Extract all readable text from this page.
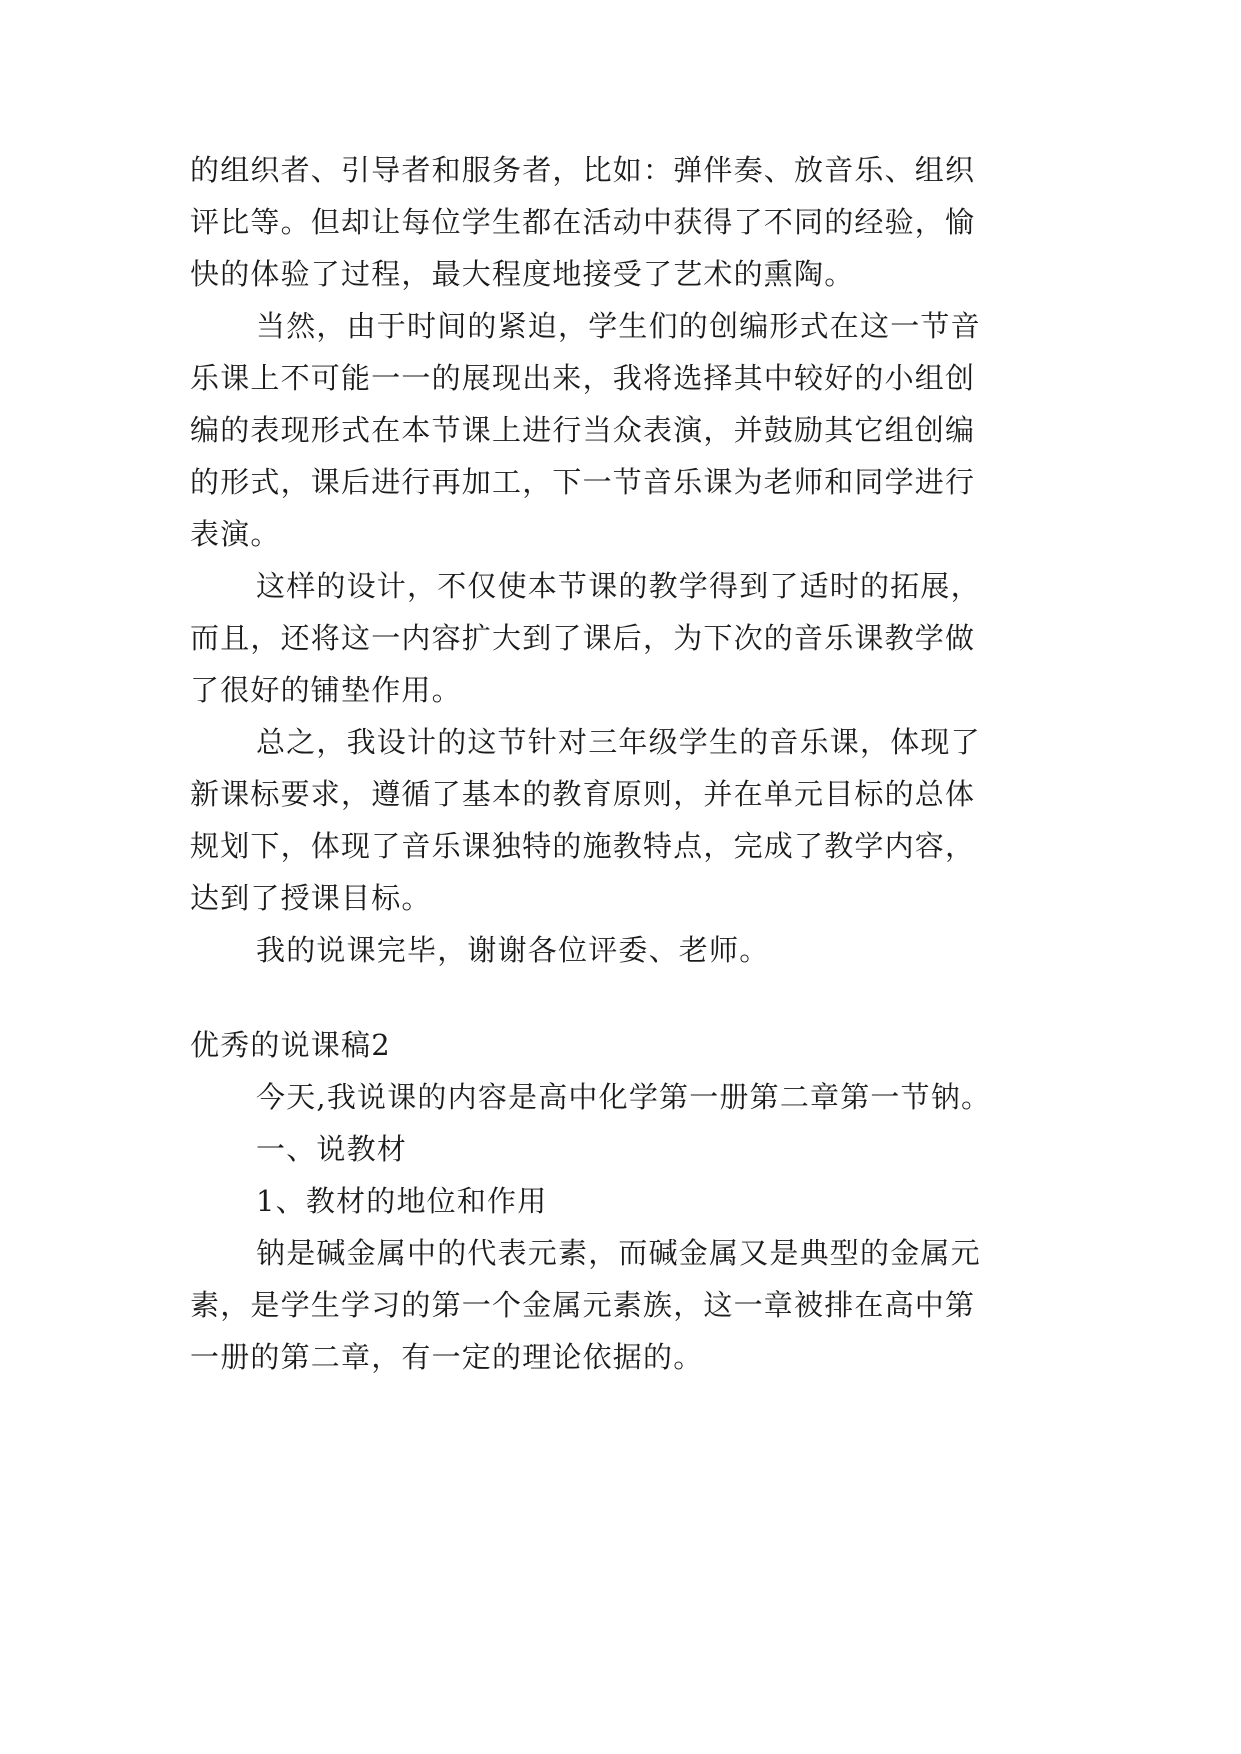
的组织者、引导者和服务者，比如：弹伴奏、放音乐、组织
评比等。但却让每位学生都在活动中获得了不同的经验，愉
快的体验了过程，最大程度地接受了艺术的熏陶。
当然，由于时间的紧迫，学生们的创编形式在这一节音
乐课上不可能一一的展现出来，我将选择其中较好的小组创
编的表现形式在本节课上进行当众表演，并鼓励其它组创编
的形式，课后进行再加工，下一节音乐课为老师和同学进行
表演。
这样的设计，不仅使本节课的教学得到了适时的拓展，
而且，还将这一内容扩大到了课后，为下次的音乐课教学做
了很好的铺垫作用。
总之，我设计的这节针对三年级学生的音乐课，体现了
新课标要求，遵循了基本的教育原则，并在单元目标的总体
规划下，体现了音乐课独特的施教特点，完成了教学内容，
达到了授课目标。
我的说课完毕，谢谢各位评委、老师。
优秀的说课稿2
今天,我说课的内容是高中化学第一册第二章第一节钠。
一、说教材
1、教材的地位和作用
钠是碱金属中的代表元素，而碱金属又是典型的金属元
素，是学生学习的第一个金属元素族，这一章被排在高中第
一册的第二章，有一定的理论依据的。
